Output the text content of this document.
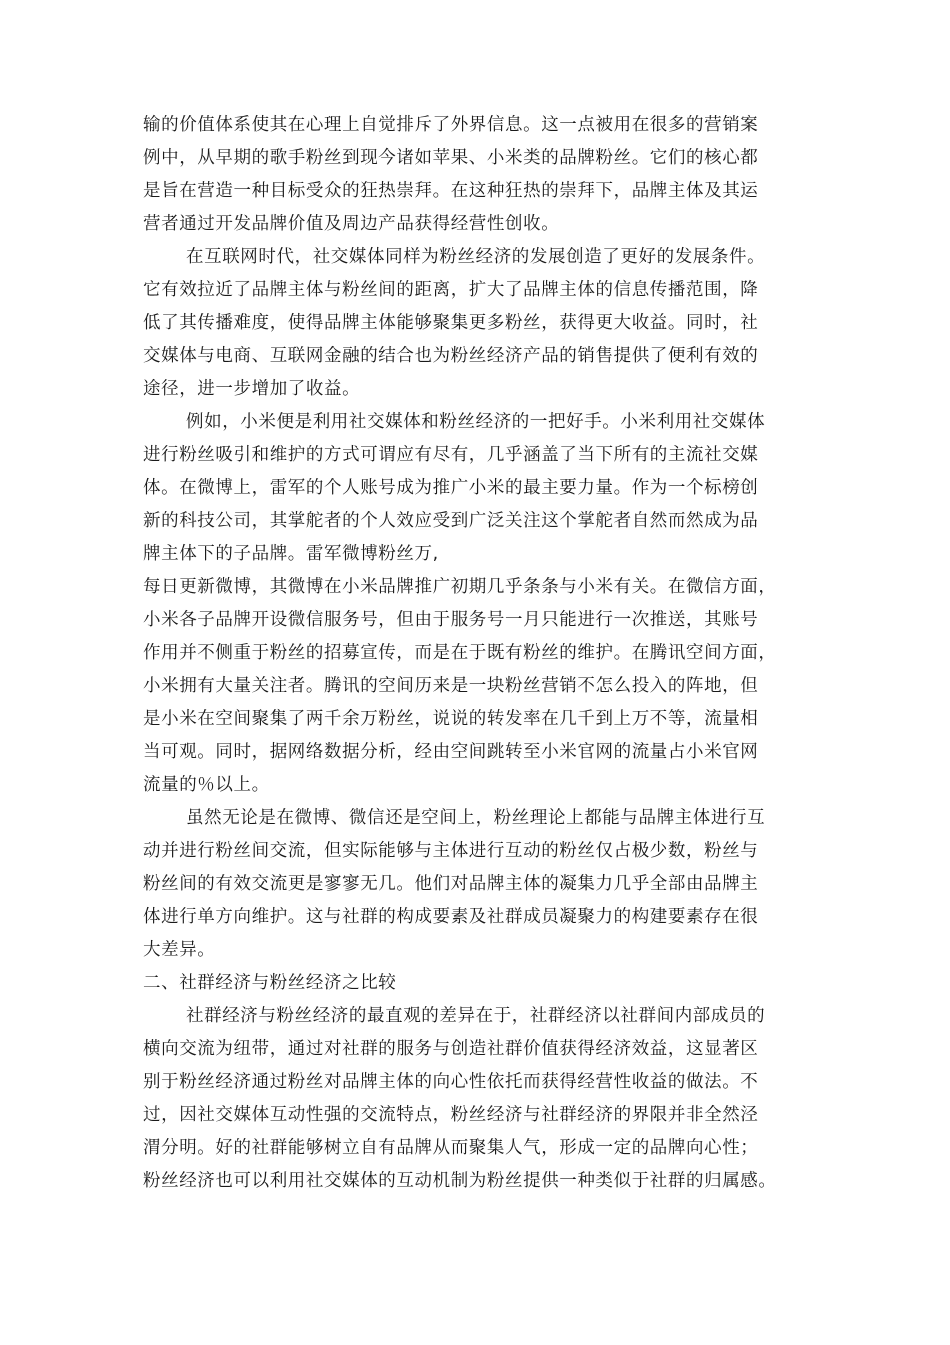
输的价值体系使其在心理上自觉排斥了外界信息。这一点被用在很多的营销案
例中，从早期的歌手粉丝到现今诸如苹果、小米类的品牌粉丝。它们的核心都
是旨在营造一种目标受众的狂热崇拜。在这种狂热的崇拜下，品牌主体及其运
营者通过开发品牌价值及周边产品获得经营性创收。
在互联网时代，社交媒体同样为粉丝经济的发展创造了更好的发展条件。
它有效拉近了品牌主体与粉丝间的距离，扩大了品牌主体的信息传播范围，降
低了其传播难度，使得品牌主体能够聚集更多粉丝，获得更大收益。同时，社
交媒体与电商、互联网金融的结合也为粉丝经济产品的销售提供了便利有效的
途径，进一步增加了收益。
例如，小米便是利用社交媒体和粉丝经济的一把好手。小米利用社交媒体
进行粉丝吸引和维护的方式可谓应有尽有，几乎涵盖了当下所有的主流社交媒
体。在微博上，雷军的个人账号成为推广小米的最主要力量。作为一个标榜创
新的科技公司，其掌舵者的个人效应受到广泛关注这个掌舵者自然而然成为品
牌主体下的子品牌。雷军微博粉丝万,
每日更新微博，其微博在小米品牌推广初期几乎条条与小米有关。在微信方面，
小米各子品牌开设微信服务号，但由于服务号一月只能进行一次推送，其账号
作用并不侧重于粉丝的招募宣传，而是在于既有粉丝的维护。在腾讯空间方面，
小米拥有大量关注者。腾讯的空间历来是一块粉丝营销不怎么投入的阵地，但
是小米在空间聚集了两千余万粉丝，说说的转发率在几千到上万不等，流量相
当可观。同时，据网络数据分析，经由空间跳转至小米官网的流量占小米官网
流量的％以上。
虽然无论是在微博、微信还是空间上，粉丝理论上都能与品牌主体进行互
动并进行粉丝间交流，但实际能够与主体进行互动的粉丝仅占极少数，粉丝与
粉丝间的有效交流更是寥寥无几。他们对品牌主体的凝集力几乎全部由品牌主
体进行单方向维护。这与社群的构成要素及社群成员凝聚力的构建要素存在很
大差异。
二、社群经济与粉丝经济之比较
社群经济与粉丝经济的最直观的差异在于，社群经济以社群间内部成员的
横向交流为纽带，通过对社群的服务与创造社群价值获得经济效益，这显著区
别于粉丝经济通过粉丝对品牌主体的向心性依托而获得经营性收益的做法。不
过，因社交媒体互动性强的交流特点，粉丝经济与社群经济的界限并非全然泾
渭分明。好的社群能够树立自有品牌从而聚集人气，形成一定的品牌向心性；
粉丝经济也可以利用社交媒体的互动机制为粉丝提供一种类似于社群的归属感。
